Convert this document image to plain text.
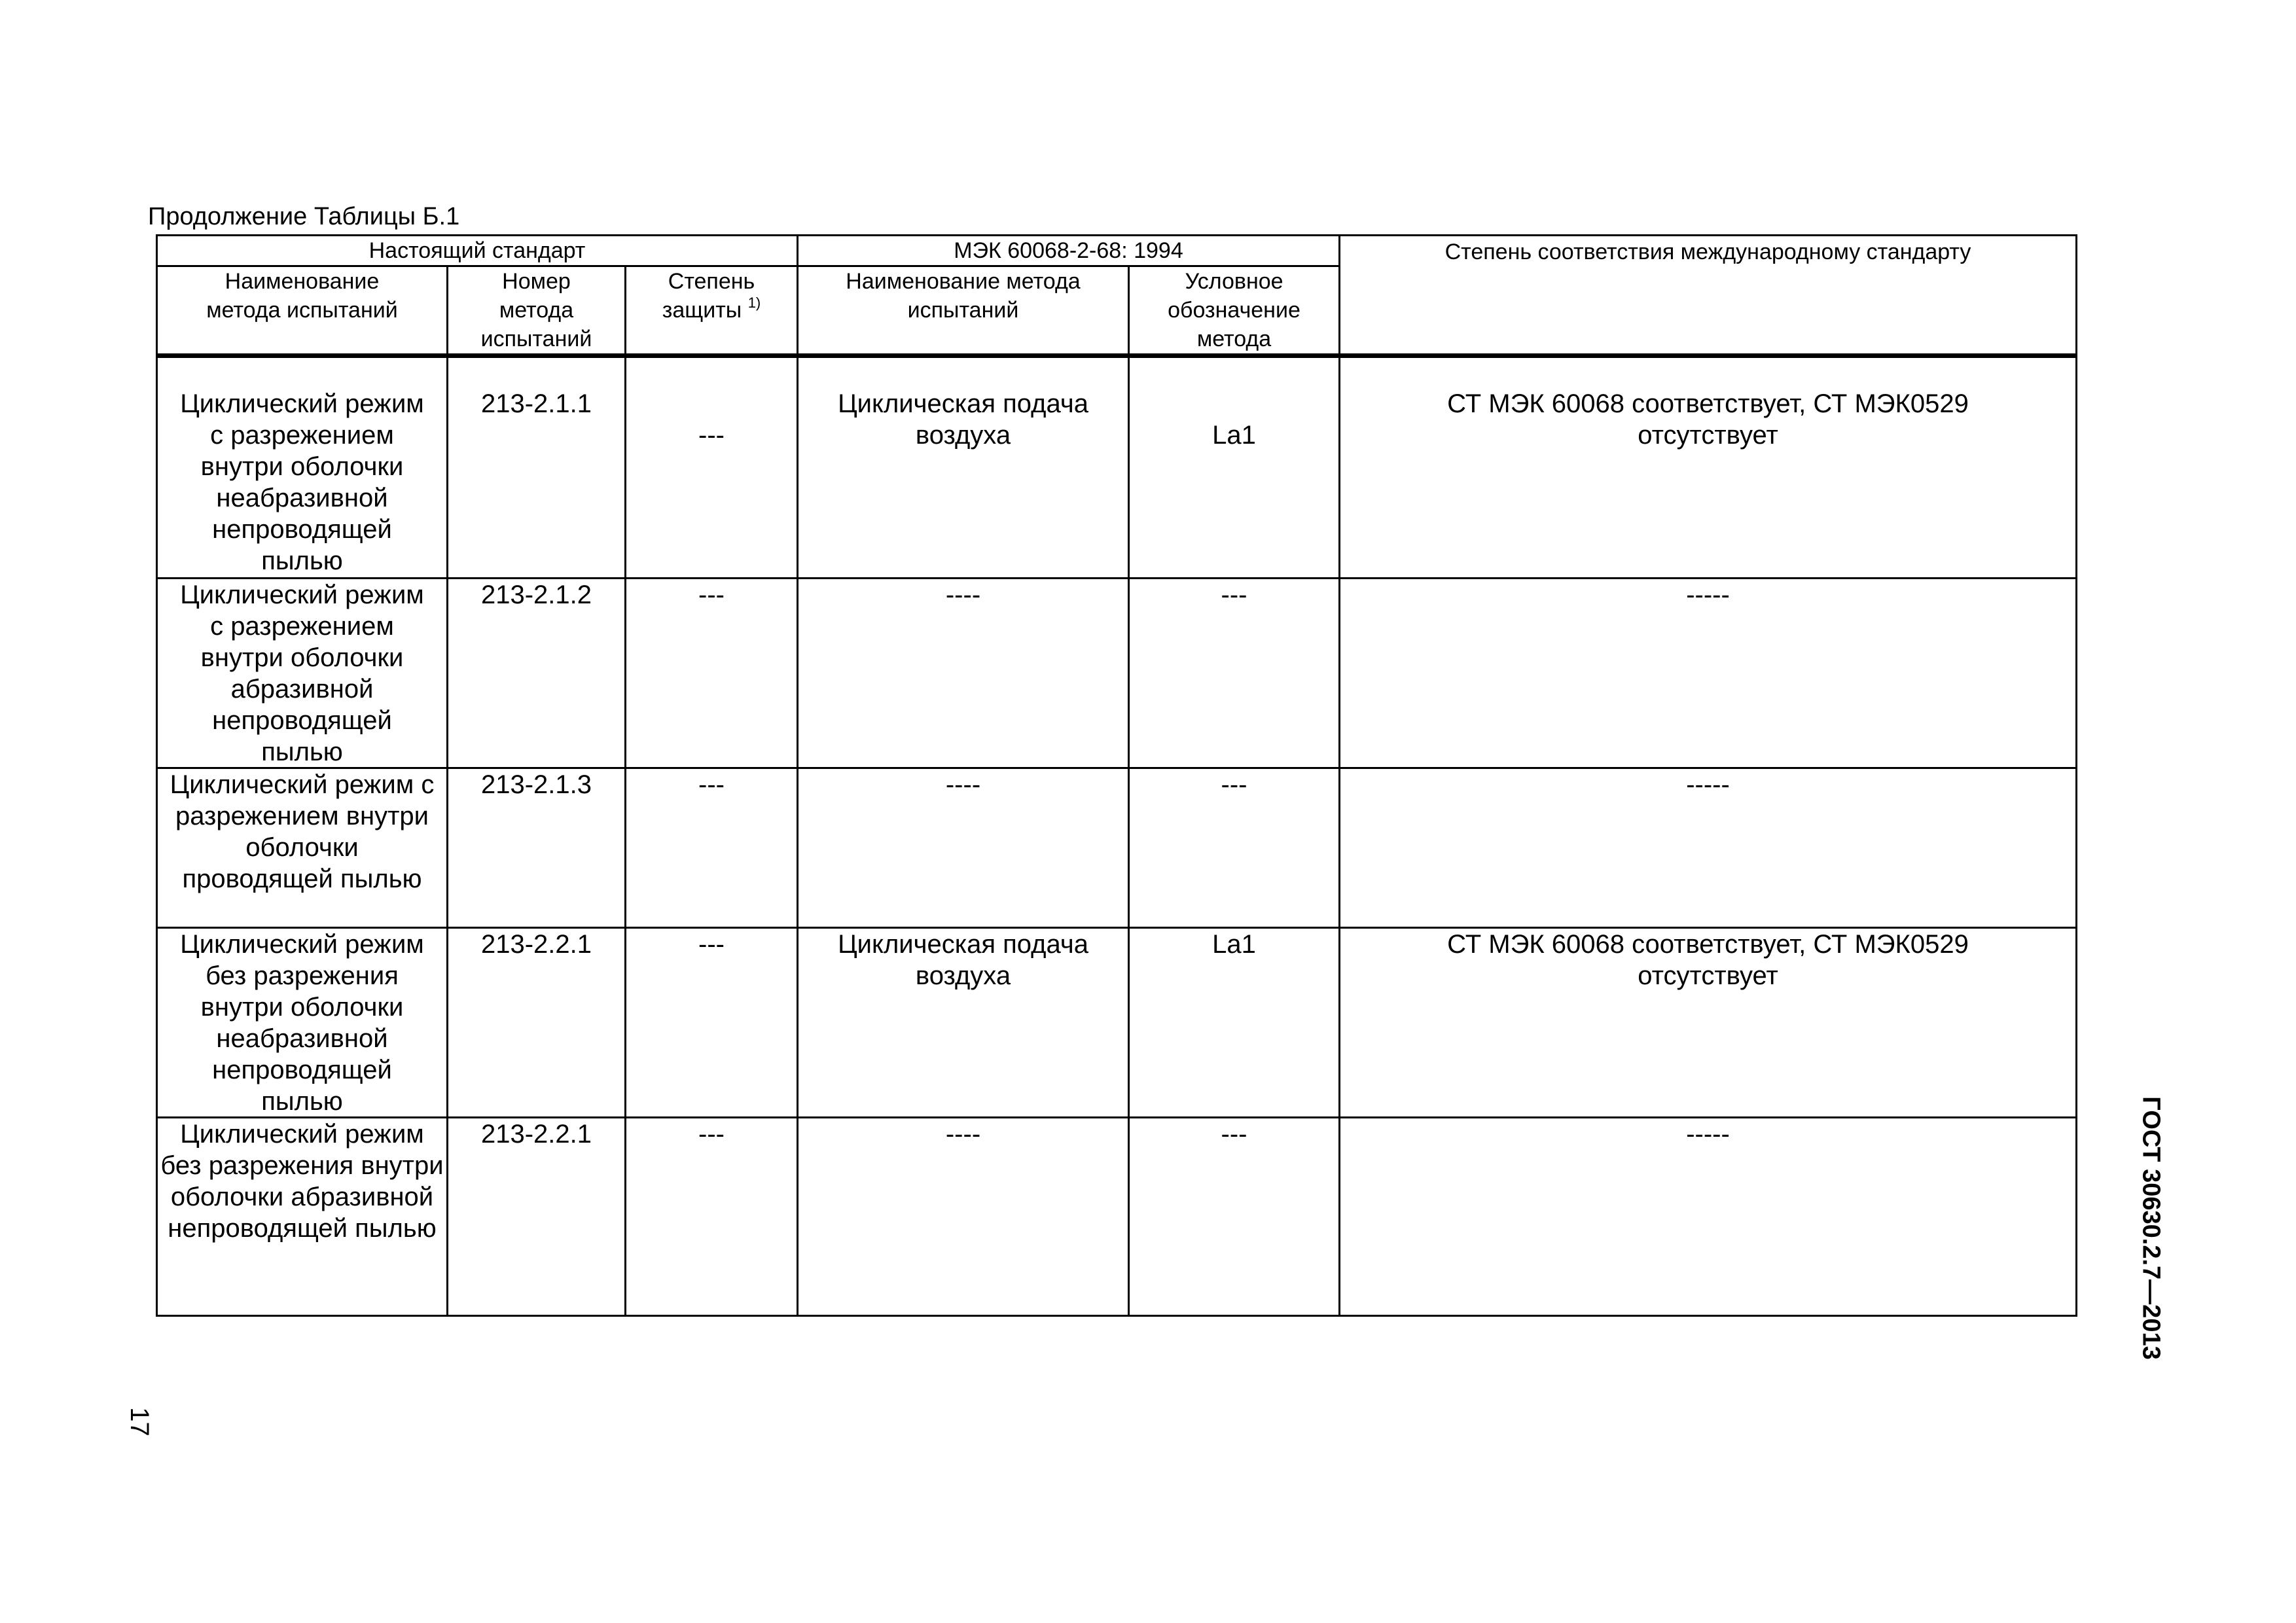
Продолжение Таблицы Б.1
Настоящий стандарт			МЭК 60068-2-68: 1994		Степень соответствия международному стандарту
Наименование метода испытаний	Номер метода испытаний	Степень защиты $^{1)}$	Наименование метода испытаний	Условное обозначение метода	

Циклический режим с разрежением внутри оболочки неабразивной непроводящей пылью	213-2.1.1	---	Циклическая подача воздуха	La1	СТ МЭК 60068 соответствует, СТ МЭК0529 отсутствует

Циклический режим с разрежением внутри оболочки абразивной непроводящей пылью	213-2.1.2	---	----	---	-----

Циклический режим с разрежением внутри оболочки проводящей пылью	213-2.1.3	---	----	---	-----

Циклический режим без разрежения внутри оболочки неабразивной непроводящей пылью	213-2.2.1	---	Циклическая подача воздуха	La1	СТ МЭК 60068 соответствует, СТ МЭК0529 отсутствует

Циклический режим без разрежения внутри оболочки абразивной непроводящей пылью	213-2.2.1	---	----	---	-----
17
ГОСТ 30630.2.7—2013
